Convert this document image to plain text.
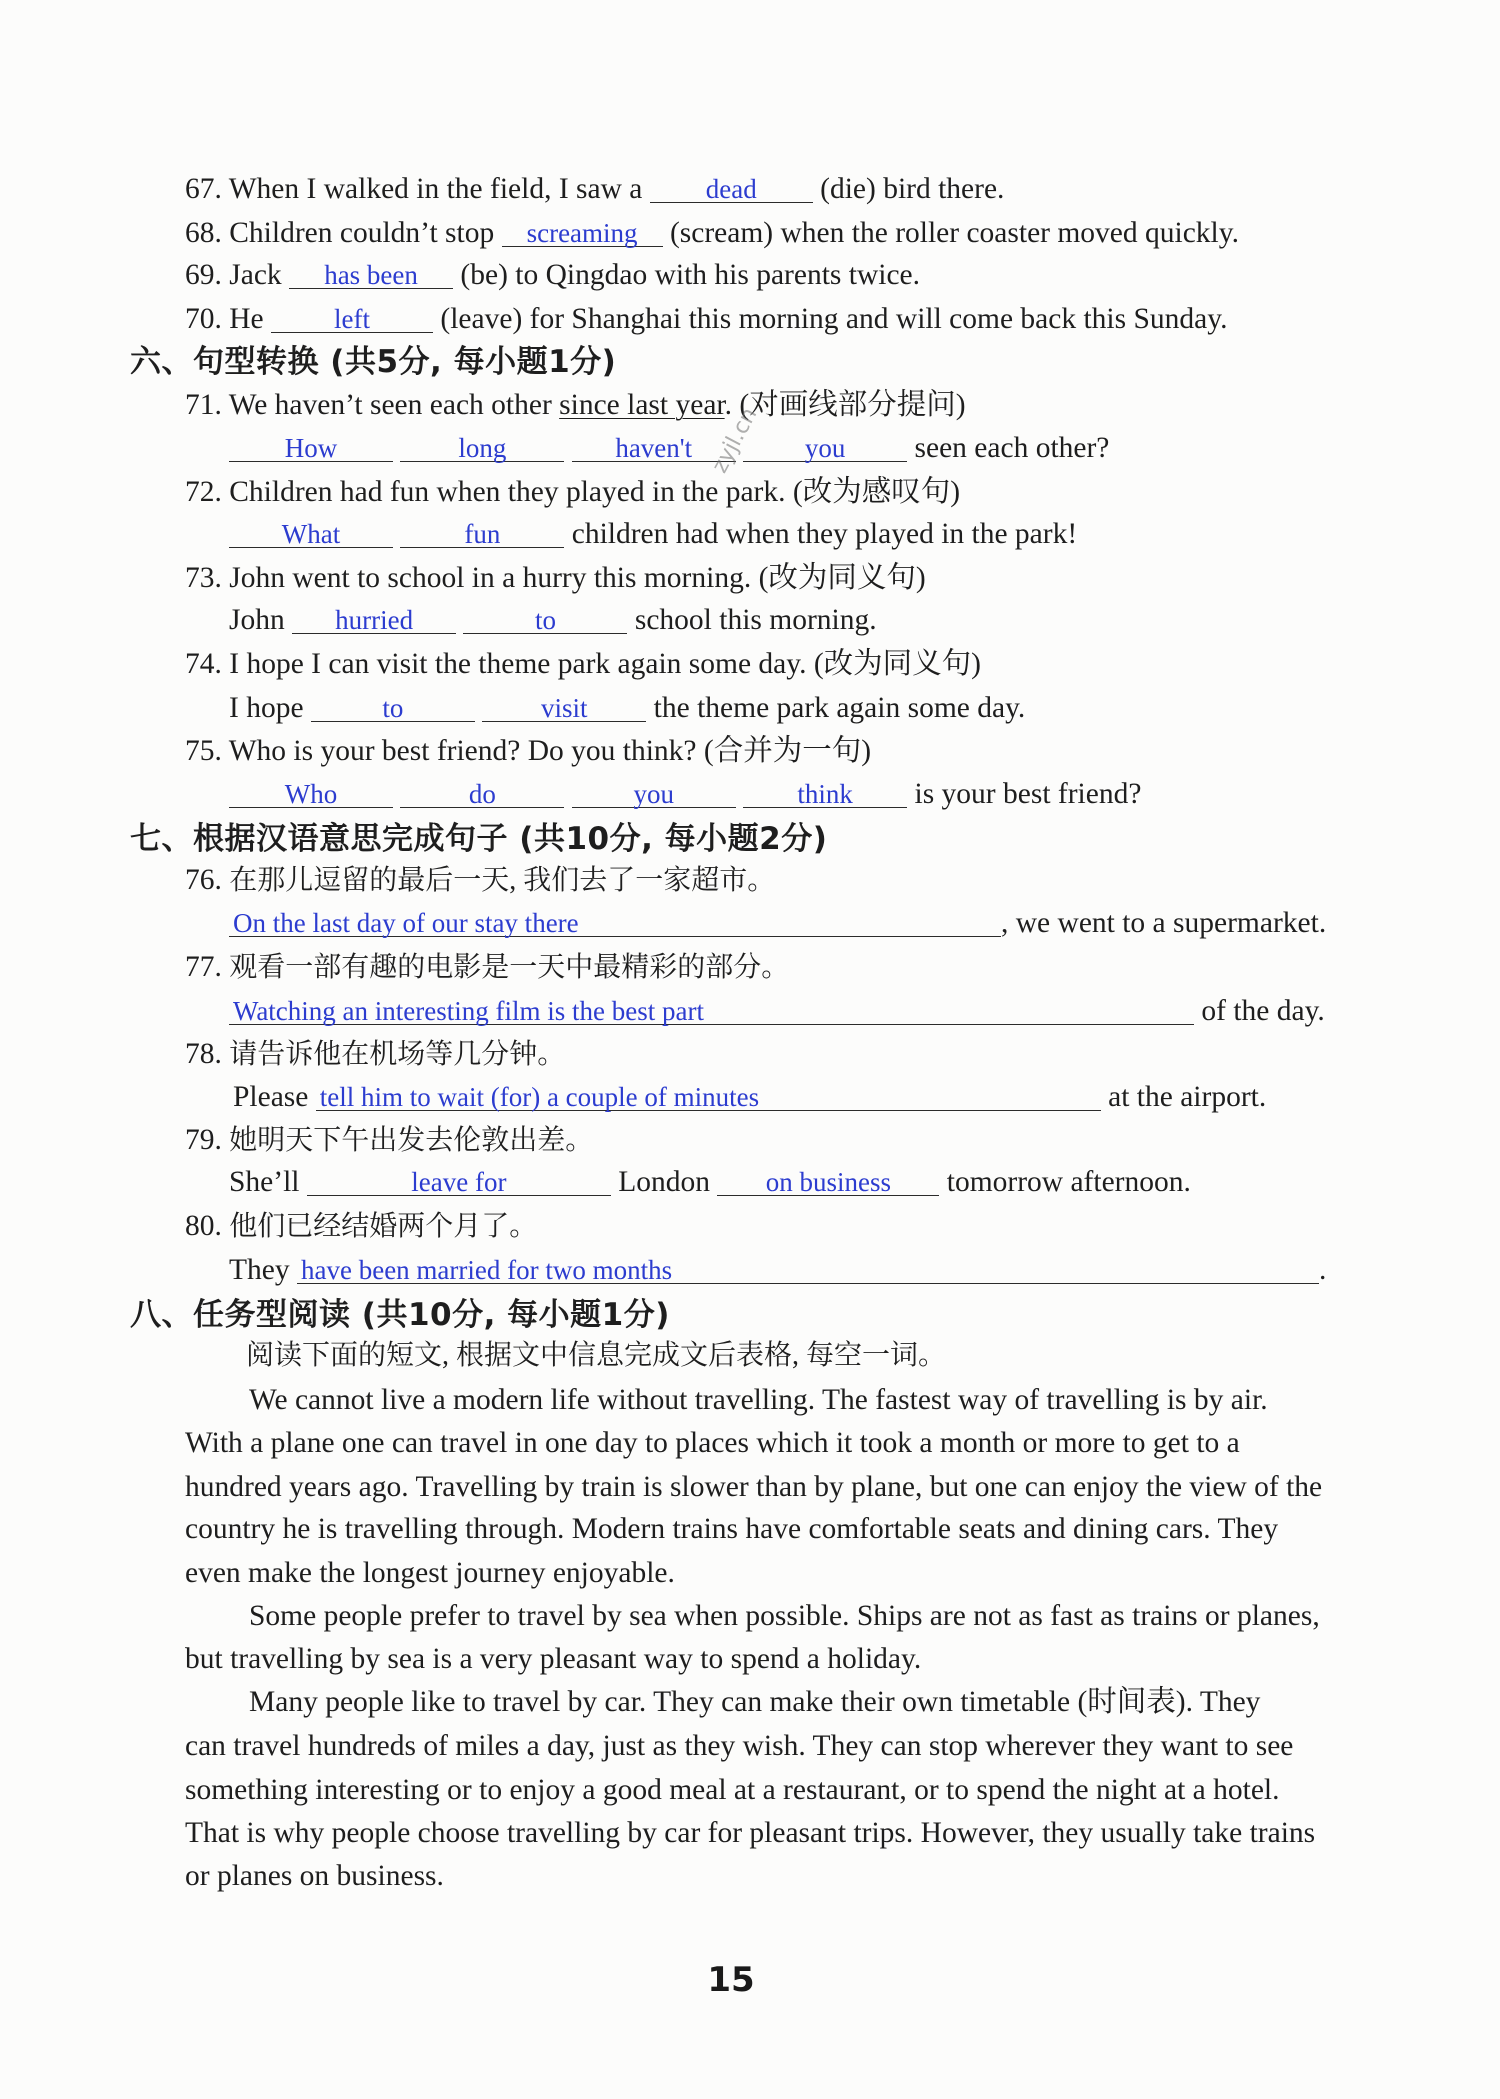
67. When I walked in the field, I saw a dead (die) bird there.
68. Children couldn’t stop screaming (scream) when the roller coaster moved quickly.
69. Jack has been (be) to Qingdao with his parents twice.
70. He	left (leave) for Shanghai this morning and will come back this Sunday.
六、句型转换 (共5分, 每小题1分)
71. We haven’t seen each other since last year. (对画线部分提问)
How	long	haven't	you seen each other?
72. Children had fun when they played in the park. (改为感叹句)
What	fun children had when they played in the park!
73. John went to school in a hurry this morning. (改为同义句)
John hurried	to	school this morning.
74. I hope I can visit the theme park again some day. (改为同义句)
I hope	to	visit the theme park again some day.
75. Who is your best friend? Do you think? (合并为一句)
Who	do	you	think is your best friend?
七、根据汉语意思完成句子 (共10分, 每小题2分)
76. 在那儿逗留的最后一天, 我们去了一家超市。
On the last day of our stay there	, we went to a supermarket.
77. 观看一部有趣的电影是一天中最精彩的部分。
Watching an interesting film is the best part	of the day.
78. 请告诉他在机场等几分钟。
Please tell him to wait (for) a couple of minutes	at the airport.
79. 她明天下午出发去伦敦出差。
She’ll	leave for	London on business tomorrow afternoon.
80. 他们已经结婚两个月了。
They have been married for two months	.
八、任务型阅读 (共10分, 每小题1分)
阅读下面的短文, 根据文中信息完成文后表格, 每空一词。
We cannot live a modern life without travelling. The fastest way of travelling is by air.
With a plane one can travel in one day to places which it took a month or more to get to a
hundred years ago. Travelling by train is slower than by plane, but one can enjoy the view of the
country he is travelling through. Modern trains have comfortable seats and dining cars. They
even make the longest journey enjoyable.
Some people prefer to travel by sea when possible. Ships are not as fast as trains or planes,
but travelling by sea is a very pleasant way to spend a holiday.
Many people like to travel by car. They can make their own timetable (时间表). They
can travel hundreds of miles a day, just as they wish. They can stop wherever they want to see
something interesting or to enjoy a good meal at a restaurant, or to spend the night at a hotel.
That is why people choose travelling by car for pleasant trips. However, they usually take trains
or planes on business.
zyjl.cn
15
